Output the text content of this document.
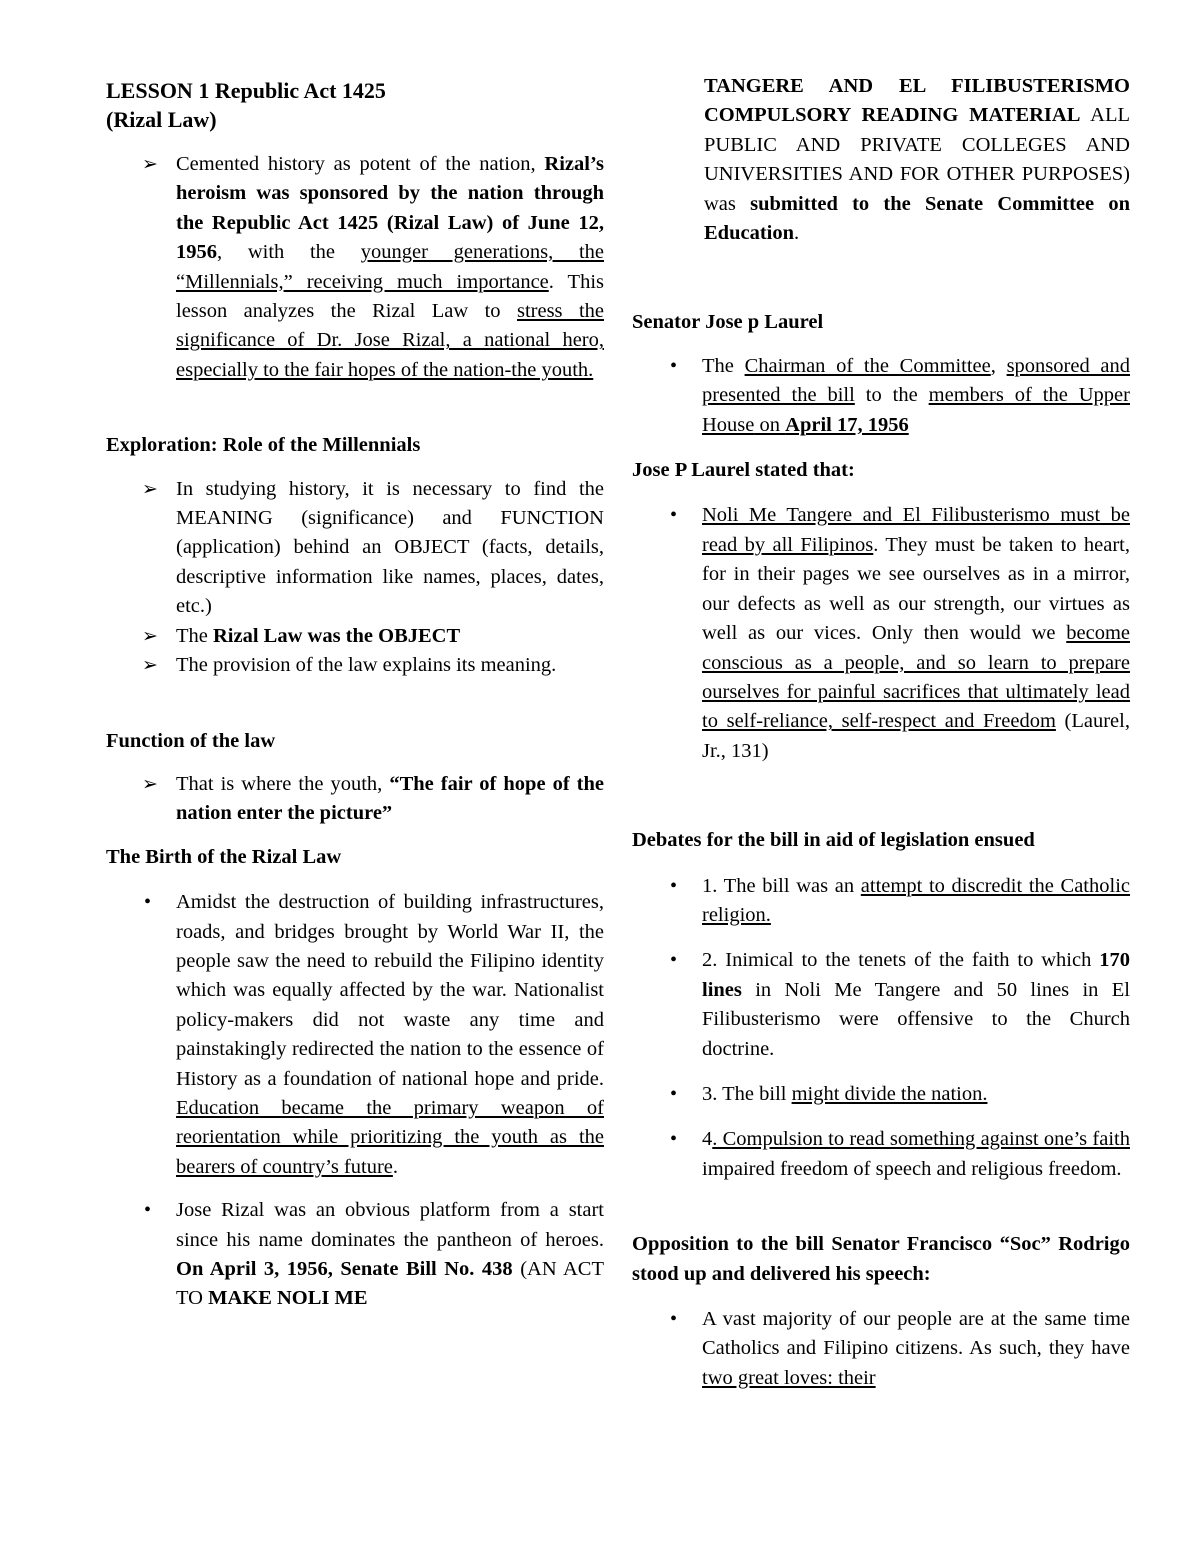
LESSON 1 Republic Act 1425

(Rizal Law)

➢ Cemented history as potent of the nation, Rizal’s heroism was sponsored by the nation through the Republic Act 1425 (Rizal Law) of June 12, 1956, with the younger generations, the “Millennials,” receiving much importance. This lesson analyzes the Rizal Law to stress the significance of Dr. Jose Rizal, a national hero, especially to the fair hopes of the nation-the youth.

Exploration: Role of the Millennials

➢ In studying history, it is necessary to find the MEANING (significance) and FUNCTION (application) behind an OBJECT (facts, details, descriptive information like names, places, dates, etc.)
➢ The Rizal Law was the OBJECT
➢ The provision of the law explains its meaning.

Function of the law

➢ That is where the youth, “The fair of hope of the nation enter the picture”

The Birth of the Rizal Law

• Amidst the destruction of building infrastructures, roads, and bridges brought by World War II, the people saw the need to rebuild the Filipino identity which was equally affected by the war. Nationalist policy-makers did not waste any time and painstakingly redirected the nation to the essence of History as a foundation of national hope and pride. Education became the primary weapon of reorientation while prioritizing the youth as the bearers of country’s future.
• Jose Rizal was an obvious platform from a start since his name dominates the pantheon of heroes. On April 3, 1956, Senate Bill No. 438 (AN ACT TO MAKE NOLI ME

TANGERE AND EL FILIBUSTERISMO COMPULSORY READING MATERIAL ALL PUBLIC AND PRIVATE COLLEGES AND UNIVERSITIES AND FOR OTHER PURPOSES) was submitted to the Senate Committee on Education.

Senator Jose p Laurel

• The Chairman of the Committee, sponsored and presented the bill to the members of the Upper House on April 17, 1956

Jose P Laurel stated that:

• Noli Me Tangere and El Filibusterismo must be read by all Filipinos. They must be taken to heart, for in their pages we see ourselves as in a mirror, our defects as well as our strength, our virtues as well as our vices. Only then would we become conscious as a people, and so learn to prepare ourselves for painful sacrifices that ultimately lead to self-reliance, self-respect and Freedom (Laurel, Jr., 131)

Debates for the bill in aid of legislation ensued

• 1. The bill was an attempt to discredit the Catholic religion.
• 2. Inimical to the tenets of the faith to which 170 lines in Noli Me Tangere and 50 lines in El Filibusterismo were offensive to the Church doctrine.
• 3. The bill might divide the nation.
• 4. Compulsion to read something against one’s faith impaired freedom of speech and religious freedom.

Opposition to the bill Senator Francisco “Soc” Rodrigo stood up and delivered his speech:

• A vast majority of our people are at the same time Catholics and Filipino citizens. As such, they have two great loves: their
